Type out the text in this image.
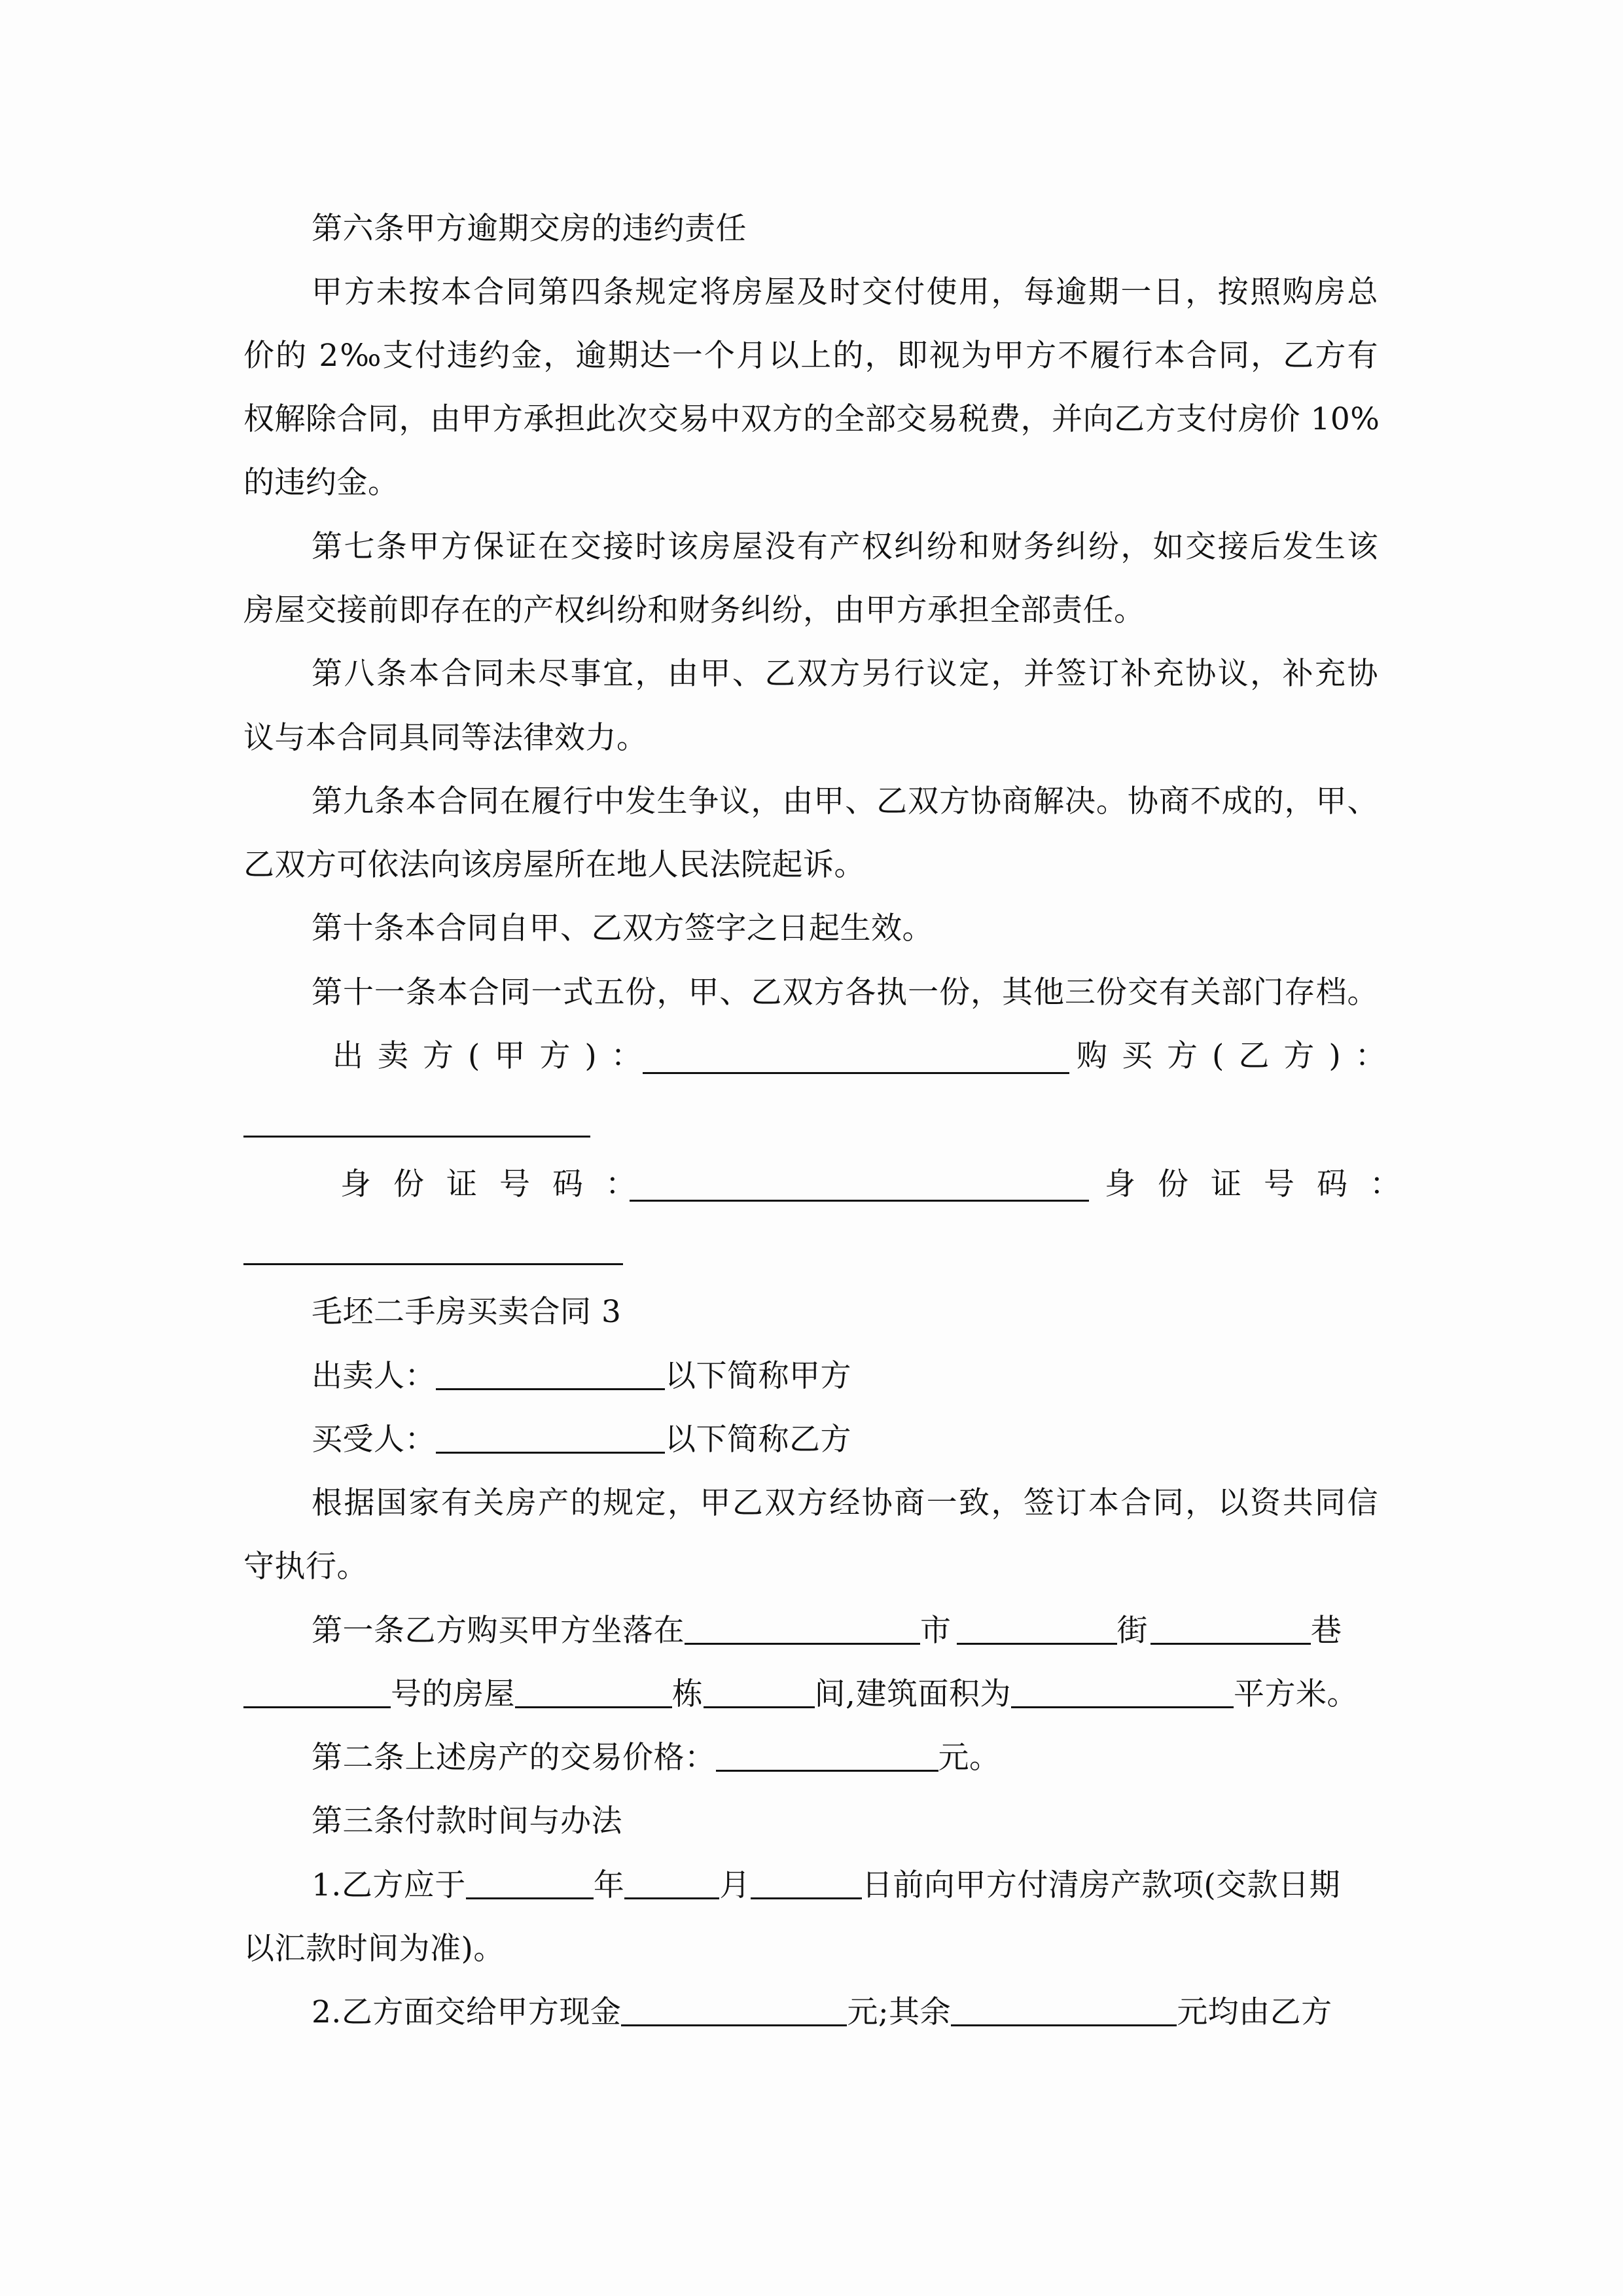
第六条甲方逾期交房的违约责任
甲方未按本合同第四条规定将房屋及时交付使用，每逾期一日，按照购房总
价的 2‰支付违约金，逾期达一个月以上的，即视为甲方不履行本合同，乙方有
权解除合同，由甲方承担此次交易中双方的全部交易税费，并向乙方支付房价 10%
的违约金。
第七条甲方保证在交接时该房屋没有产权纠纷和财务纠纷，如交接后发生该
房屋交接前即存在的产权纠纷和财务纠纷，由甲方承担全部责任。
第八条本合同未尽事宜，由甲、乙双方另行议定，并签订补充协议，补充协
议与本合同具同等法律效力。
第九条本合同在履行中发生争议，由甲、乙双方协商解决。协商不成的，甲、
乙双方可依法向该房屋所在地人民法院起诉。
第十条本合同自甲、乙双方签字之日起生效。
第十一条本合同一式五份，甲、乙双方各执一份，其他三份交有关部门存档。
出卖方(甲方)：	购买方(乙方)：
身份证号码：	身份证号码：
毛坯二手房买卖合同 3
出卖人：	以下简称甲方
买受人：	以下简称乙方
根据国家有关房产的规定，甲乙双方经协商一致，签订本合同，以资共同信
守执行。
第一条乙方购买甲方坐落在	市	街	巷
号的房屋	栋	间,建筑面积为	平方米。
第二条上述房产的交易价格：	元。
第三条付款时间与办法
1.乙方应于	年	月	日前向甲方付清房产款项(交款日期
以汇款时间为准)。
2.乙方面交给甲方现金	元;其余	元均由乙方
